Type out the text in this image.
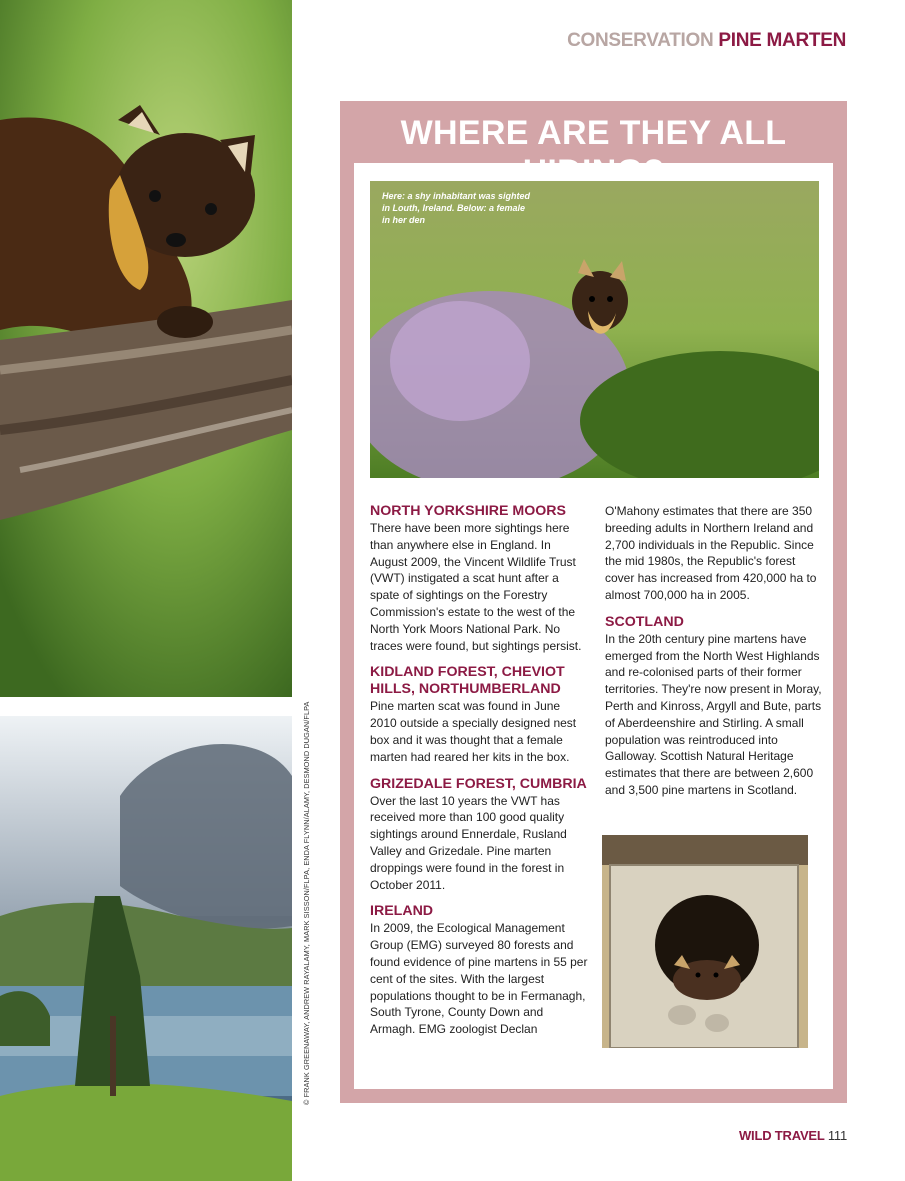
© FRANK GREENAWAY, ANDREW RAYALAMY, MARK SISSON/FLPA, ENDA FLYNN/ALAMY, DESMOND DUGAN/FLPA
CONSERVATION PINE MARTEN
WHERE ARE THEY ALL
Here: a shy inhabitant was sighted in Louth, Ireland. Below: a female in her den
NORTH YORKSHIRE MOORS

There have been more sightings here than anywhere else in England. In August 2009, the Vincent Wildlife Trust (VWT) instigated a scat hunt after a spate of sightings on the Forestry Commission's estate to the west of the North York Moors National Park. No traces were found, but sightings persist.

KIDLAND FOREST, CHEVIOT HILLS, NORTHUMBERLAND

Pine marten scat was found in June 2010 outside a specially designed nest box and it was thought that a female marten had reared her kits in the box.

GRIZEDALE FOREST, CUMBRIA

Over the last 10 years the VWT has received more than 100 good quality sightings around Ennerdale, Rusland Valley and Grizedale. Pine marten droppings were found in the forest in October 2011.

IRELAND

In 2009, the Ecological Management Group (EMG) surveyed 80 forests and found evidence of pine martens in 55 per cent of the sites. With the largest populations thought to be in Fermanagh, South Tyrone, County Down and Armagh. EMG zoologist Declan

O'Mahony estimates that there are 350 breeding adults in Northern Ireland and 2,700 individuals in the Republic. Since the mid 1980s, the Republic's forest cover has increased from 420,000 ha to almost 700,000 ha in 2005.

SCOTLAND

In the 20th century pine martens have emerged from the North West Highlands and re-colonised parts of their former territories. They're now present in Moray, Perth and Kinross, Argyll and Bute, parts of Aberdeenshire and Stirling. A small population was reintroduced into Galloway. Scottish Natural Heritage estimates that there are between 2,600 and 3,500 pine martens in Scotland.

WILD TRAVEL 111
